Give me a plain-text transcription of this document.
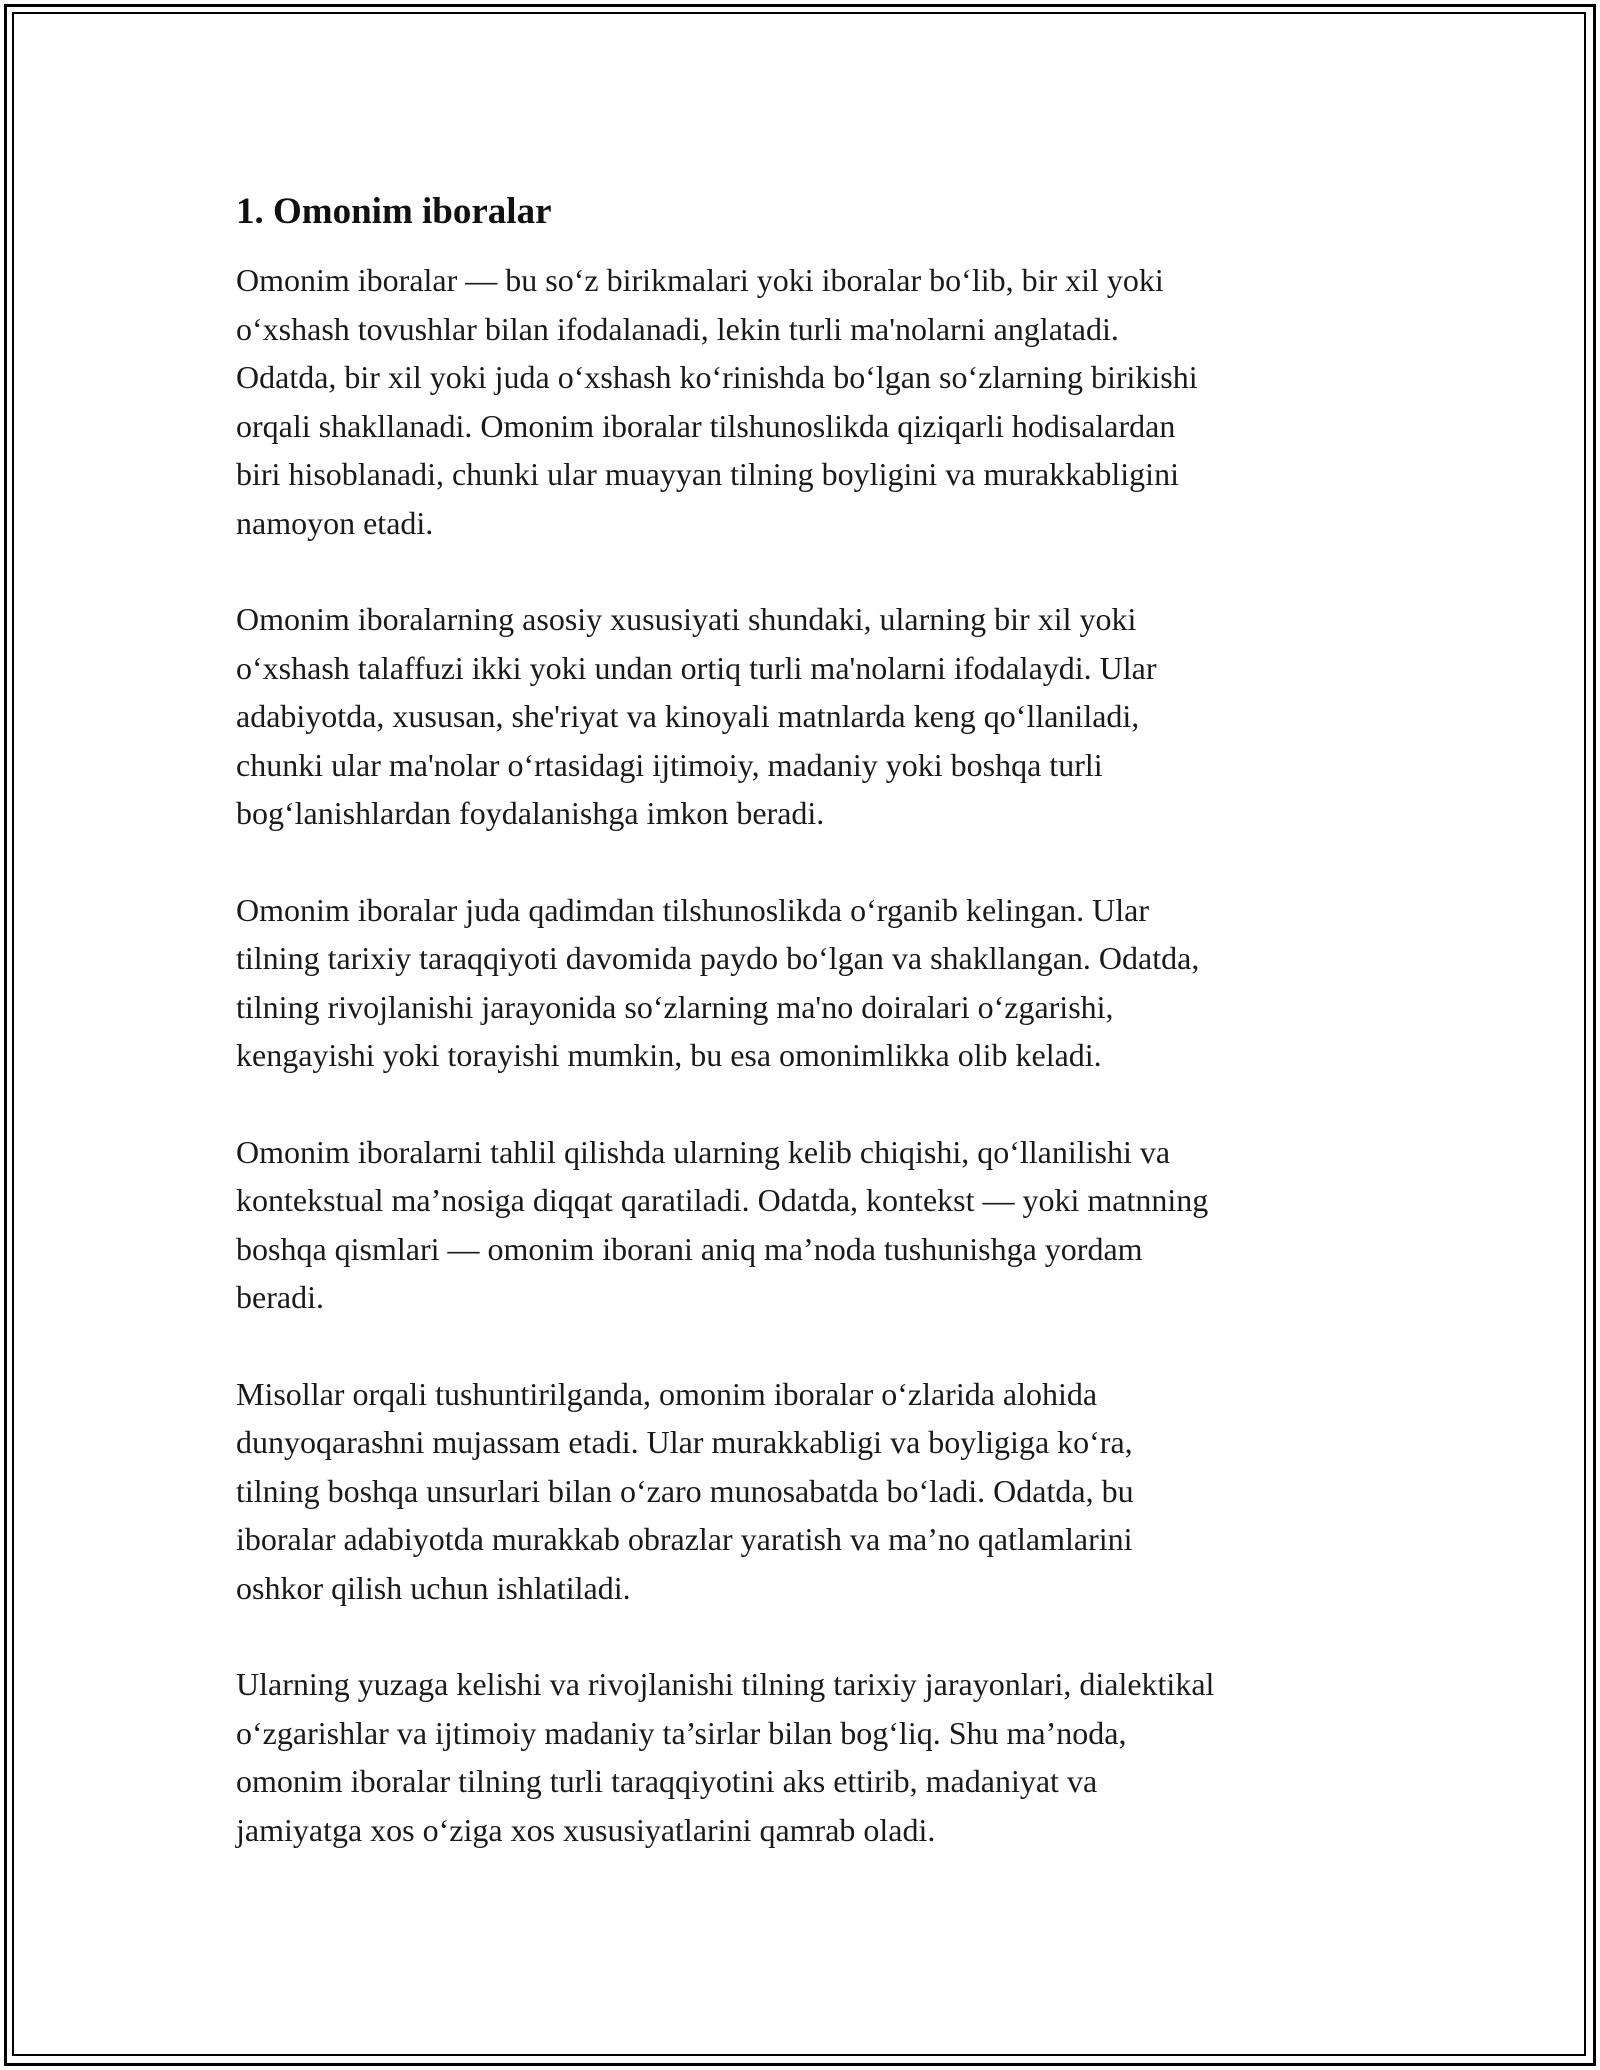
1. Omonim iboralar
Omonim iboralar — bu so‘z birikmalari yoki iboralar bo‘lib, bir xil yoki
o‘xshash tovushlar bilan ifodalanadi, lekin turli ma'nolarni anglatadi.
Odatda, bir xil yoki juda o‘xshash ko‘rinishda bo‘lgan so‘zlarning birikishi
orqali shakllanadi. Omonim iboralar tilshunoslikda qiziqarli hodisalardan
biri hisoblanadi, chunki ular muayyan tilning boyligini va murakkabligini
namoyon etadi.
Omonim iboralarning asosiy xususiyati shundaki, ularning bir xil yoki
o‘xshash talaffuzi ikki yoki undan ortiq turli ma'nolarni ifodalaydi. Ular
adabiyotda, xususan, she'riyat va kinoyali matnlarda keng qo‘llaniladi,
chunki ular ma'nolar o‘rtasidagi ijtimoiy, madaniy yoki boshqa turli
bog‘lanishlardan foydalanishga imkon beradi.
Omonim iboralar juda qadimdan tilshunoslikda o‘rganib kelingan. Ular
tilning tarixiy taraqqiyoti davomida paydo bo‘lgan va shakllangan. Odatda,
tilning rivojlanishi jarayonida so‘zlarning ma'no doiralari o‘zgarishi,
kengayishi yoki torayishi mumkin, bu esa omonimlikka olib keladi.
Omonim iboralarni tahlil qilishda ularning kelib chiqishi, qo‘llanilishi va
kontekstual ma’nosiga diqqat qaratiladi. Odatda, kontekst — yoki matnning
boshqa qismlari — omonim iborani aniq ma’noda tushunishga yordam
beradi.
Misollar orqali tushuntirilganda, omonim iboralar o‘zlarida alohida
dunyoqarashni mujassam etadi. Ular murakkabligi va boyligiga ko‘ra,
tilning boshqa unsurlari bilan o‘zaro munosabatda bo‘ladi. Odatda, bu
iboralar adabiyotda murakkab obrazlar yaratish va ma’no qatlamlarini
oshkor qilish uchun ishlatiladi.
Ularning yuzaga kelishi va rivojlanishi tilning tarixiy jarayonlari, dialektikal
o‘zgarishlar va ijtimoiy madaniy ta’sirlar bilan bog‘liq. Shu ma’noda,
omonim iboralar tilning turli taraqqiyotini aks ettirib, madaniyat va
jamiyatga xos o‘ziga xos xususiyatlarini qamrab oladi.
